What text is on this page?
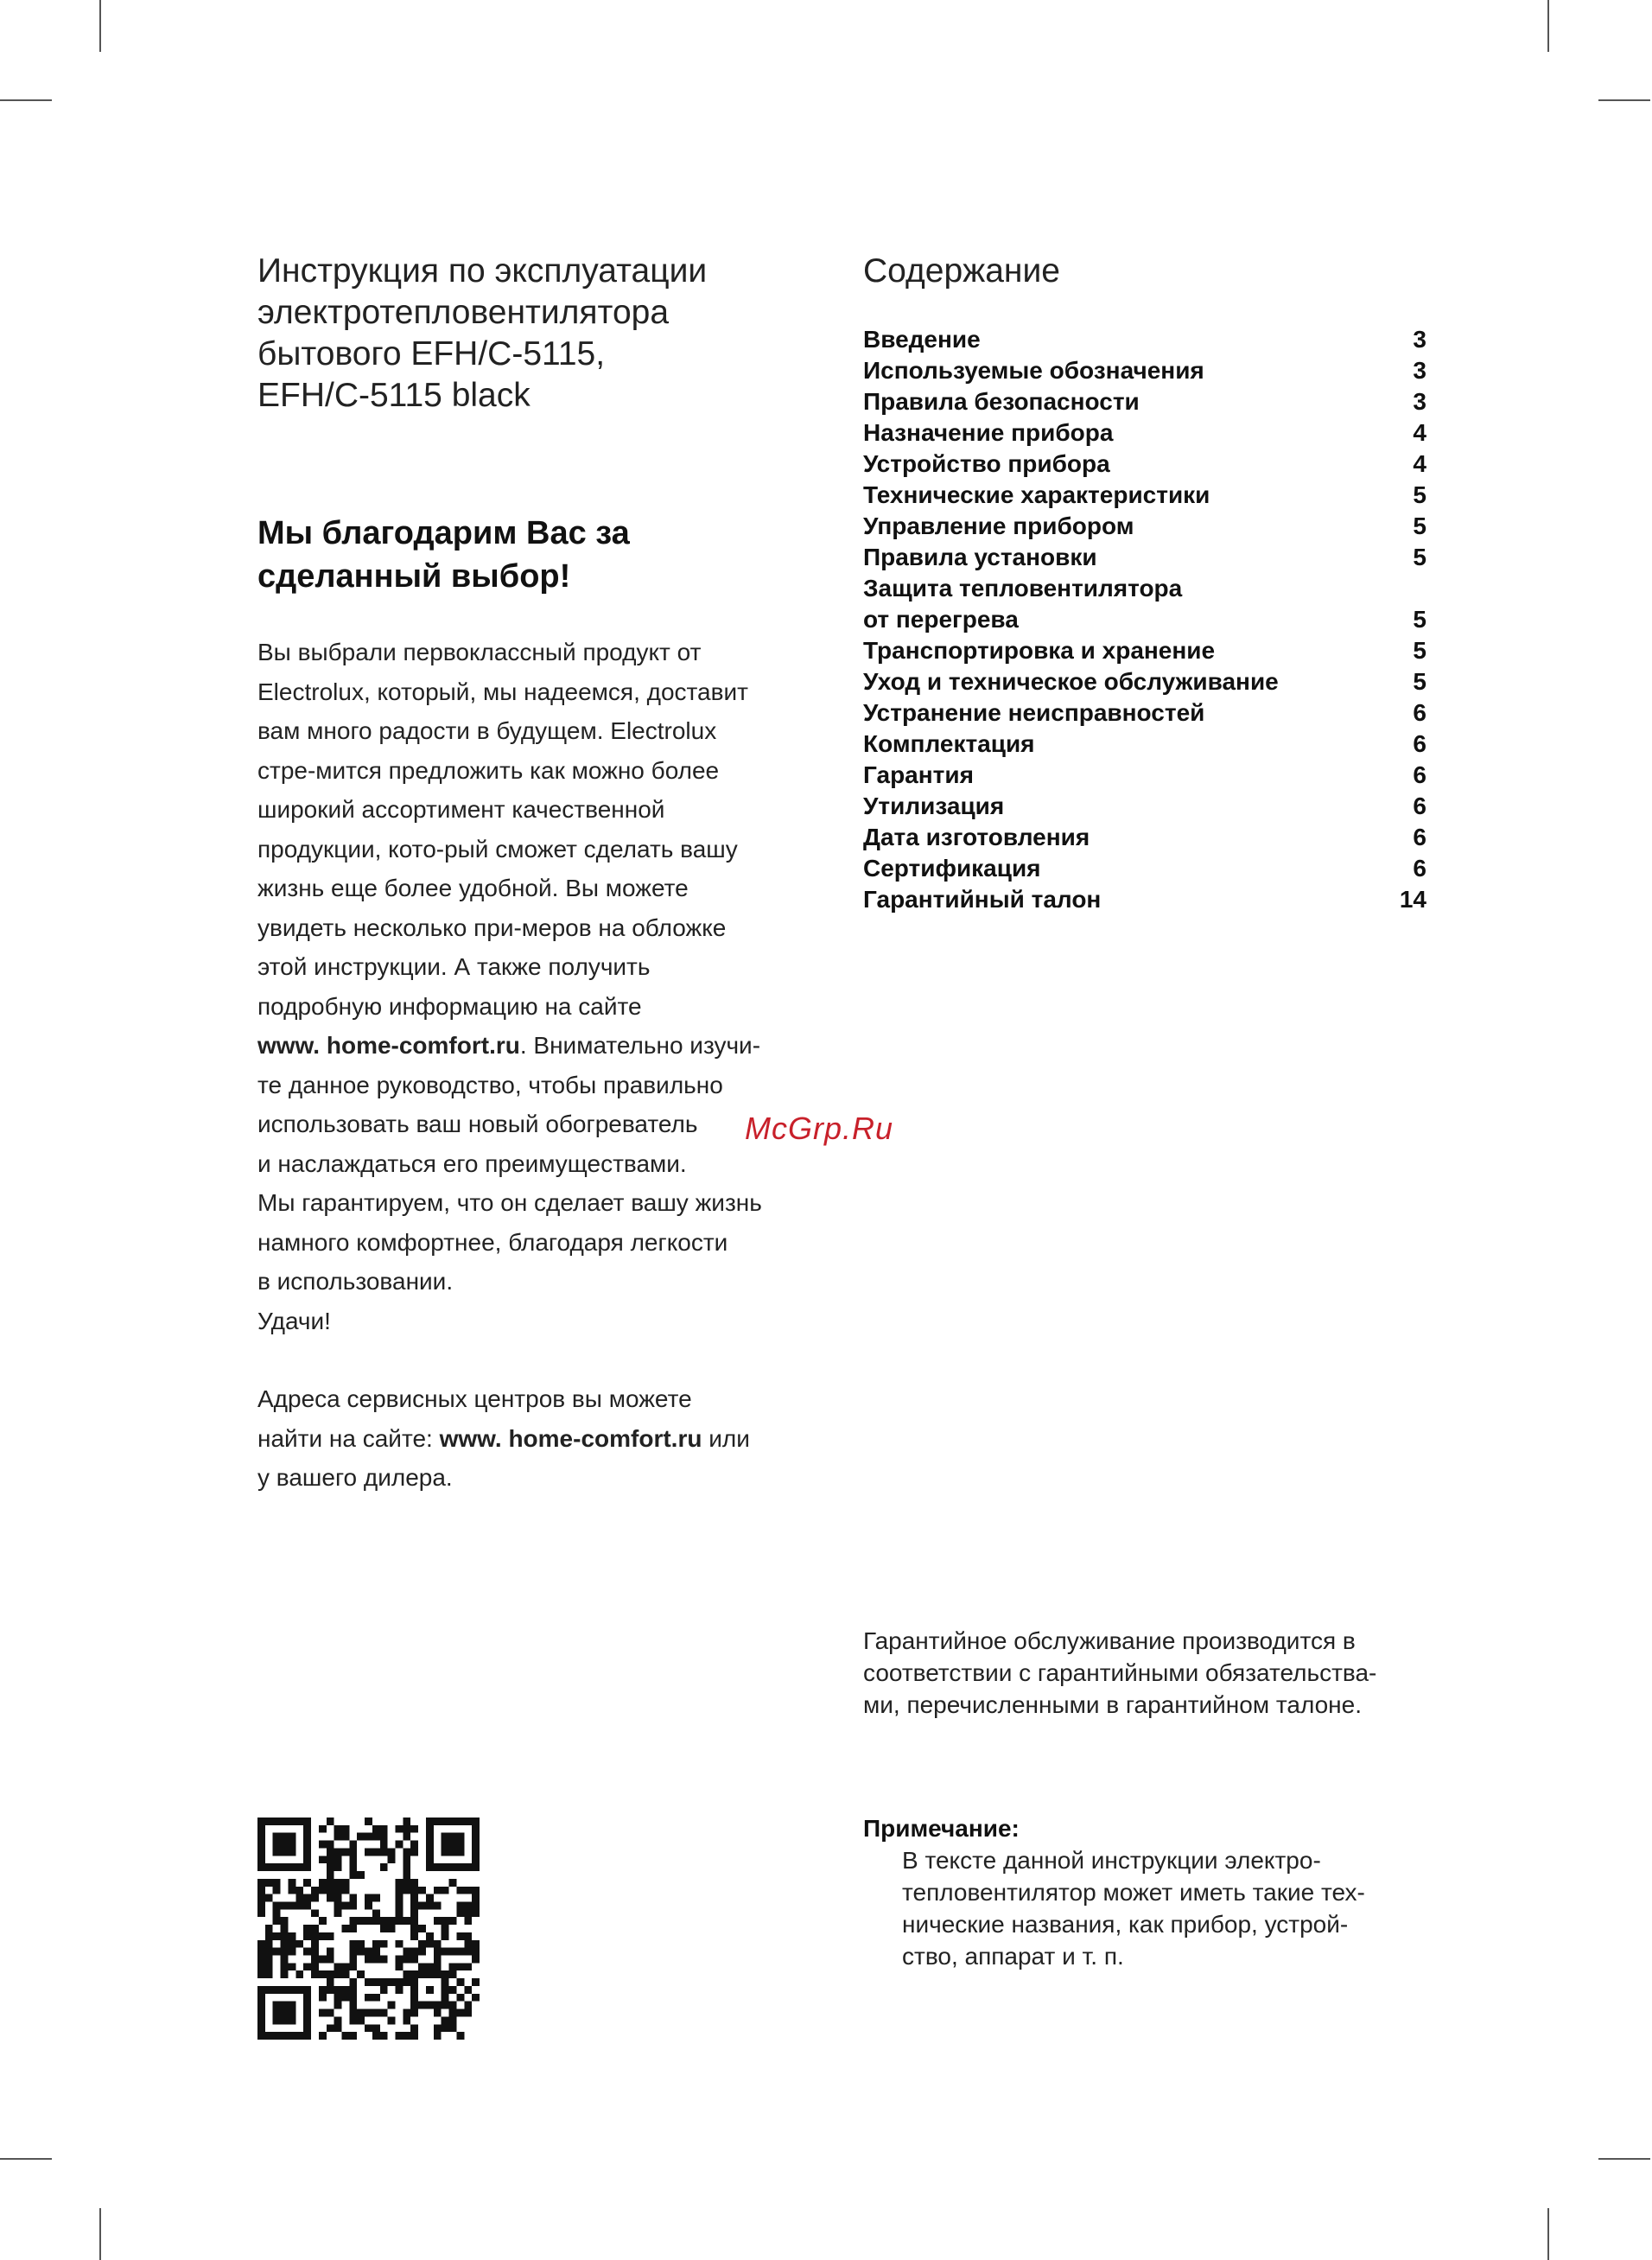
Инструкция по эксплуатации
электротепловентилятора
бытового EFH/C-5115,
EFH/C-5115 black
Мы благодарим Вас за
сделанный выбор!
Вы выбрали первоклассный продукт от
Electrolux, который, мы надеемся, доставит
вам много радости в будущем. Electrolux
стре-мится предложить как можно более
широкий ассортимент качественной
продукции, кото-рый сможет сделать вашу
жизнь еще более удобной. Вы можете
увидеть несколько при-меров на обложке
этой инструкции. А также получить
подробную информацию на сайте
www. home-comfort.ru. Внимательно изучи-
те данное руководство, чтобы правильно
использовать ваш новый обогреватель
и наслаждаться его преимуществами.
Мы гарантируем, что он сделает вашу жизнь
намного комфортнее, благодаря легкости
в использовании.
Удачи!
Адреса сервисных центров вы можете
найти на сайте: www. home-comfort.ru или
у вашего дилера.
Содержание
Введение	3
Используемые обозначения	3
Правила безопасности	3
Назначение прибора	4
Устройство прибора	4
Технические характеристики	5
Управление прибором	5
Правила установки	5
Защита тепловентилятора
от перегрева	5
Транспортировка и хранение	5
Уход и техническое обслуживание	5
Устранение неисправностей	6
Комплектация	6
Гарантия	6
Утилизация	6
Дата изготовления	6
Сертификация	6
Гарантийный талон	14
McGrp.Ru
Гарантийное обслуживание производится в
соответствии с гарантийными обязательства-
ми, перечисленными в гарантийном талоне.
Примечание:
В тексте данной инструкции электро-
тепловентилятор может иметь такие тех-
нические названия, как прибор, устрой-
ство, аппарат и т. п.
